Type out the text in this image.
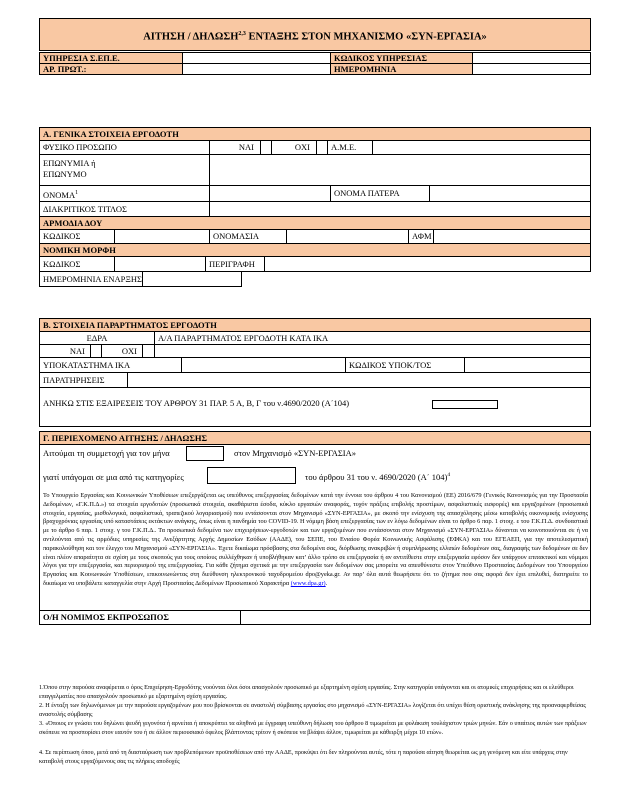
ΑΙΤΗΣΗ / ΔΗΛΩΣΗ$^{2,3}$ ΕΝΤΑΞΗΣ ΣΤΟΝ ΜΗΧΑΝΙΣΜΟ «ΣΥΝ-ΕΡΓΑΣΙΑ»
ΥΠΗΡΕΣΙΑ Σ.ΕΠ.Ε.	ΚΩΔΙΚΟΣ ΥΠΗΡΕΣΙΑΣ
ΑΡ. ΠΡΩΤ.:	ΗΜΕΡΟΜΗΝΙΑ
Α. ΓΕΝΙΚΑ ΣΤΟΙΧΕΙΑ ΕΡΓΟΔΟΤΗ
ΦΥΣΙΚΟ ΠΡΟΣΩΠΟ	ΝΑΙ	ΟΧΙ	Α.Μ.Ε.
ΕΠΩΝΥΜΙΑ ή
ΕΠΩΝΥΜΟ
ΟΝΟΜΑ$^1$	ΟΝΟΜΑ ΠΑΤΕΡΑ
ΔΙΑΚΡΙΤΙΚΟΣ ΤΙΤΛΟΣ
ΑΡΜΟΔΙΑ ΔΟΥ
ΚΩΔΙΚΟΣ	ΟΝΟΜΑΣΙΑ	ΑΦΜ
ΝΟΜΙΚΗ ΜΟΡΦΗ
ΚΩΔΙΚΟΣ	ΠΕΡΙΓΡΑΦΗ
ΗΜΕΡΟΜΗΝΙΑ ΕΝΑΡΞΗΣ
Β. ΣΤΟΙΧΕΙΑ ΠΑΡΑΡΤΗΜΑΤΟΣ ΕΡΓΟΔΟΤΗ
ΕΔΡΑ	Α/Α ΠΑΡΑΡΤΗΜΑΤΟΣ ΕΡΓΟΔΟΤΗ ΚΑΤΑ ΙΚΑ
ΝΑΙ	ΟΧΙ
ΥΠΟΚΑΤΑΣΤΗΜΑ ΙΚΑ	ΚΩΔΙΚΟΣ ΥΠΟΚ/ΤΟΣ
ΠΑΡΑΤΗΡΗΣΕΙΣ
ΑΝΗΚΩ ΣΤΙΣ ΕΞΑΙΡΕΣΕΙΣ ΤΟΥ ΑΡΘΡΟΥ 31 ΠΑΡ. 5 Α, Β, Γ του ν.4690/2020 (Α΄104)
Γ. ΠΕΡΙΕΧΟΜΕΝΟ ΑΙΤΗΣΗΣ / ΔΗΛΩΣΗΣ
Αιτούμαι τη συμμετοχή για τον μήνα	στον Μηχανισμό «ΣΥΝ-ΕΡΓΑΣΙΑ»
γιατί υπάγομαι σε μια από τις κατηγορίες	του άρθρου 31 του ν. 4690/2020 (Α΄ 104)$^4$
Το Υπουργείο Εργασίας και Κοινωνικών Υποθέσεων επεξεργάζεται ως υπεύθυνος επεξεργασίας δεδομένων κατά την έννοια του άρθρου 4 του Κανονισμού (ΕΕ) 2016/679 (Γενικός Κανονισμός για την Προστασία Δεδομένων, «Γ.Κ.Π.Δ.») τα στοιχεία εργοδοτών (προσωπικά στοιχεία, ακαθάριστα έσοδα, κύκλο εργασιών αναφοράς, τυχόν πράξεις επιβολής προστίμων, ασφαλιστικές εισφορές) και εργαζομένων (προσωπικά στοιχεία, εργασίας, μισθολογικά, ασφαλιστικά, τραπεζικού λογαριασμού) που εντάσσονται στον Μηχανισμό «ΣΥΝ-ΕΡΓΑΣΙΑ», με σκοπό την ενίσχυση της απασχόλησης μέσω καταβολής οικονομικής ενίσχυσης βραχυχρόνιας εργασίας υπό καταστάσεις εκτάκτων ανάγκης, όπως είναι η πανδημία του COVID-19. Η νόμιμη βάση επεξεργασίας των εν λόγω δεδομένων είναι το άρθρο 6 παρ. 1 στοιχ. ε του Γ.Κ.Π.Δ. συνδυαστικά με το άρθρο 6 παρ. 1 στοιχ. γ του Γ.Κ.Π.Δ.. Τα προσωπικά δεδομένα των επιχειρήσεων-εργοδοτών και των εργαζομένων που εντάσσονται στον Μηχανισμό «ΣΥΝ-ΕΡΓΑΣΙΑ» δύνανται να κοινοποιούνται σε ή να αντλούνται από τις αρμόδιες υπηρεσίες της Ανεξάρτητης Αρχής Δημοσίων Εσόδων (ΑΑΔΕ), του ΣΕΠΕ, του Ενιαίου Φορέα Κοινωνικής Ασφάλισης (ΕΦΚΑ) και του ΕΓΕΑΕΠ, για την αποτελεσματική παρακολούθηση και τον έλεγχο του Μηχανισμού «ΣΥΝ-ΕΡΓΑΣΙΑ». Έχετε δικαίωμα πρόσβασης στα δεδομένα σας, διόρθωσης ανακριβών ή συμπλήρωσης ελλιπών δεδομένων σας, διαγραφής των δεδομένων σε δεν είναι πλέον απαραίτητα σε σχέση με τους σκοπούς για τους οποίους συλλέχθηκαν ή υποβλήθηκαν κατ’ άλλο τρόπο σε επεξεργασία ή αν αντιτίθεστε στην επεξεργασία εφόσον δεν υπάρχουν επιτακτικοί και νόμιμοι λόγοι για την επεξεργασία, και περιορισμού της επεξεργασίας. Για κάθε ζήτημα σχετικά με την επεξεργασία των δεδομένων σας μπορείτε να απευθύνεστε στον Υπεύθυνο Προστασίας Δεδομένων του Υπουργείου Εργασίας και Κοινωνικών Υποθέσεων, επικοινωνώντας στη διεύθυνση ηλεκτρονικού ταχυδρομείου dpo@yeka.gr. Αν παρ’ όλα αυτά θεωρήσετε ότι το ζήτημα που σας αφορά δεν έχει επιλυθεί, διατηρείτε το δικαίωμα να υποβάλετε καταγγελία στην Αρχή Προστασίας Δεδομένων Προσωπικού Χαρακτήρα (www.dpa.gr).
Ο/Η ΝΟΜΙΜΟΣ ΕΚΠΡΟΣΩΠΟΣ
1.Όπου στην παρούσα αναφέρεται ο όρος Επιχείρηση-Εργοδότης νοούνται όλοι όσοι απασχολούν προσωπικό με εξαρτημένη σχέση εργασίας. Στην κατηγορία υπάγονται και οι ατομικές επιχειρήσεις και οι ελεύθεροι επαγγελματίες που απασχολούν προσωπικό με εξαρτημένη σχέση εργασίας.
2. Η ένταξη των δηλωνόμενων με την παρούσα εργαζομένων μου που βρίσκονται σε αναστολή σύμβασης εργασίας στο μηχανισμό «ΣΥΝ-ΕΡΓΑΣΙΑ» λογίζεται ότι υπέχει θέση οριστικής ανάκλησης της προαναφερθείσας αναστολής σύμβασης
3. «Όποιος εν γνώσει του δηλώνει ψευδή γεγονότα ή αρνείται ή αποκρύπτει τα αληθινά με έγγραφη υπεύθυνη δήλωση του άρθρου 8 τιμωρείται με φυλάκιση τουλάχιστον τριών μηνών. Εάν ο υπαίτιος αυτών των πράξεων σκόπευε να προσπορίσει στον εαυτόν του ή σε άλλον περιουσιακό όφελος βλάπτοντας τρίτον ή σκόπευε να βλάψει άλλον, τιμωρείται με κάθειρξη μέχρι 10 ετών».
4. Σε περίπτωση όπου, μετά από τη διασταύρωση των προβλεπόμενων προϋποθέσεων από την ΑΑΔΕ, προκύψει ότι δεν πληρούνται αυτές, τότε η παρούσα αίτηση θεωρείται ως μη γενόμενη και είτε υπάρχεις στην καταβολή στους εργαζόμενους σας τις πλήρεις αποδοχές
